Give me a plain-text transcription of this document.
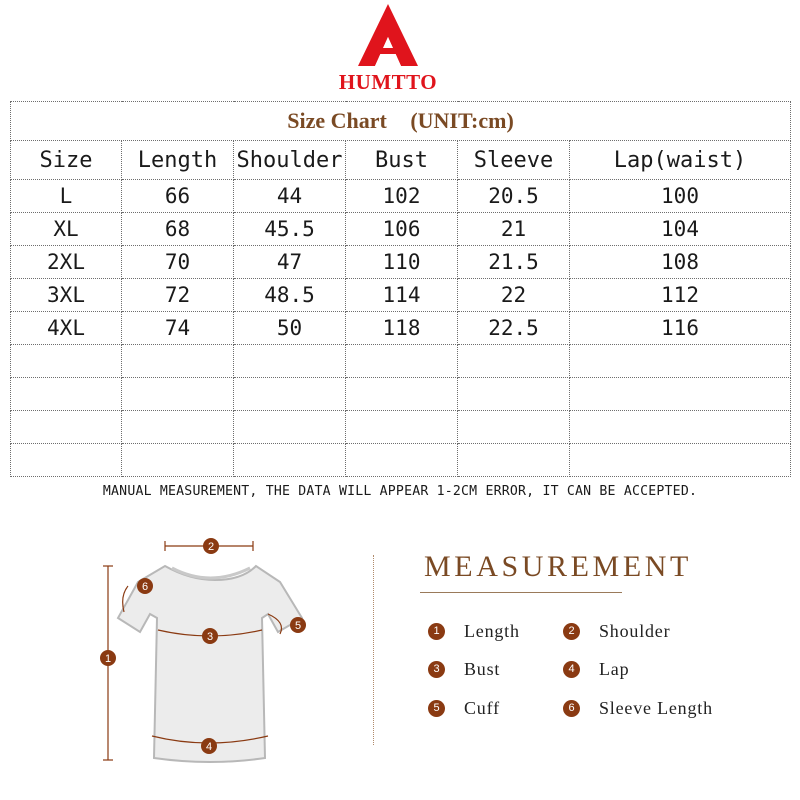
HUMTTO
Size Chart (UNIT:cm)					
Size	Length	Shoulder	Bust	Sleeve	Lap(waist)
L	66	44	102	20.5	100
XL	68	45.5	106	21	104
2XL	70	47	110	21.5	108
3XL	72	48.5	114	22	112
4XL	74	50	118	22.5	116

MANUAL MEASUREMENT, THE DATA WILL APPEAR 1-2CM ERROR, IT CAN BE ACCEPTED.
2
1
3
4
5
6
MEASUREMENT
1	Length	2	Shoulder
3	Bust	4	Lap
5	Cuff	6	Sleeve Length
